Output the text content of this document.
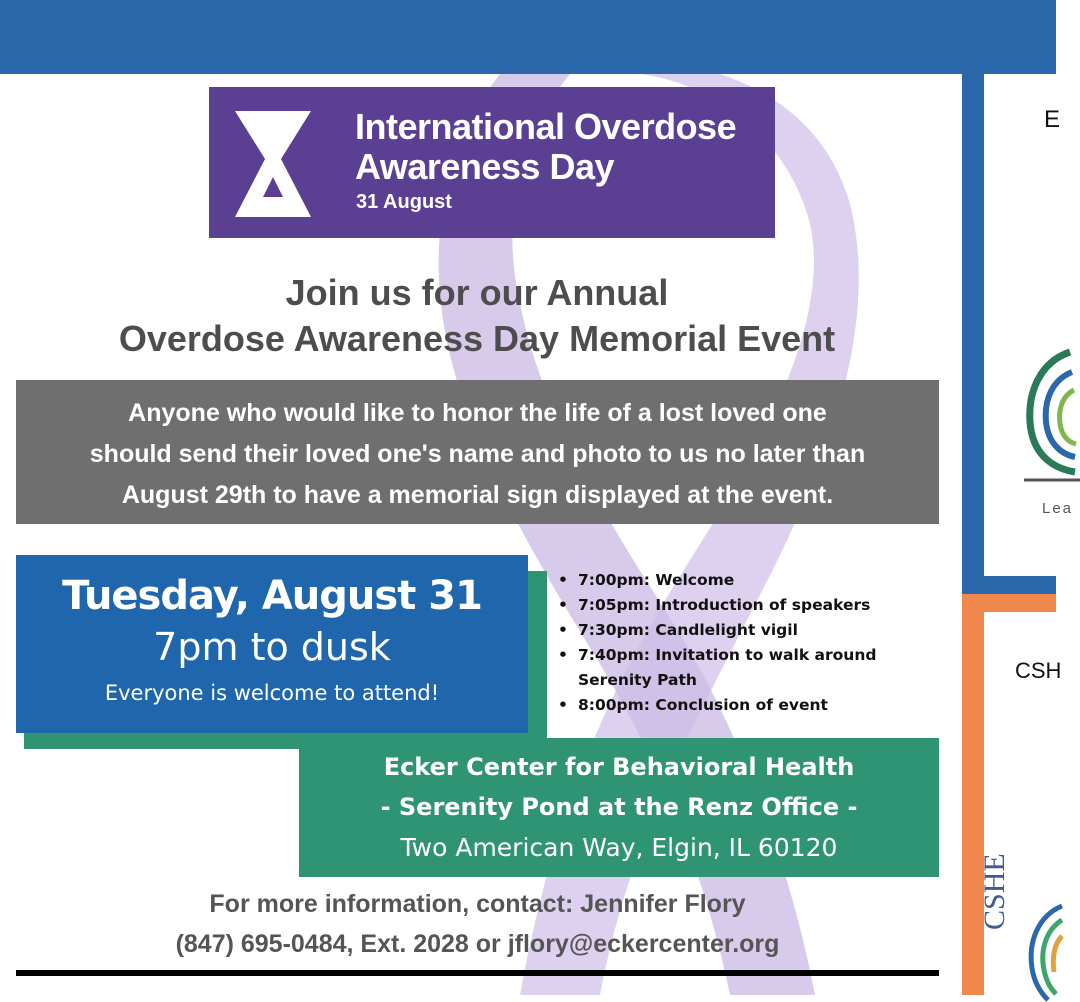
International Overdose
Awareness Day
31 August
Join us for our Annual
Overdose Awareness Day Memorial Event
Anyone who would like to honor the life of a lost loved one
should send their loved one's name and photo to us no later than
August 29th to have a memorial sign displayed at the event.
Tuesday, August 31
7pm to dusk
Everyone is welcome to attend!
• 7:00pm: Welcome
• 7:05pm: Introduction of speakers
• 7:30pm: Candlelight vigil
• 7:40pm: Invitation to walk around Serenity Path
• 8:00pm: Conclusion of event
Ecker Center for Behavioral Health
- Serenity Pond at the Renz Office -
Two American Way, Elgin, IL 60120
For more information, contact: Jennifer Flory
(847) 695-0484, Ext. 2028 or jflory@eckercenter.org
E
Lea
CSH
CSHE
